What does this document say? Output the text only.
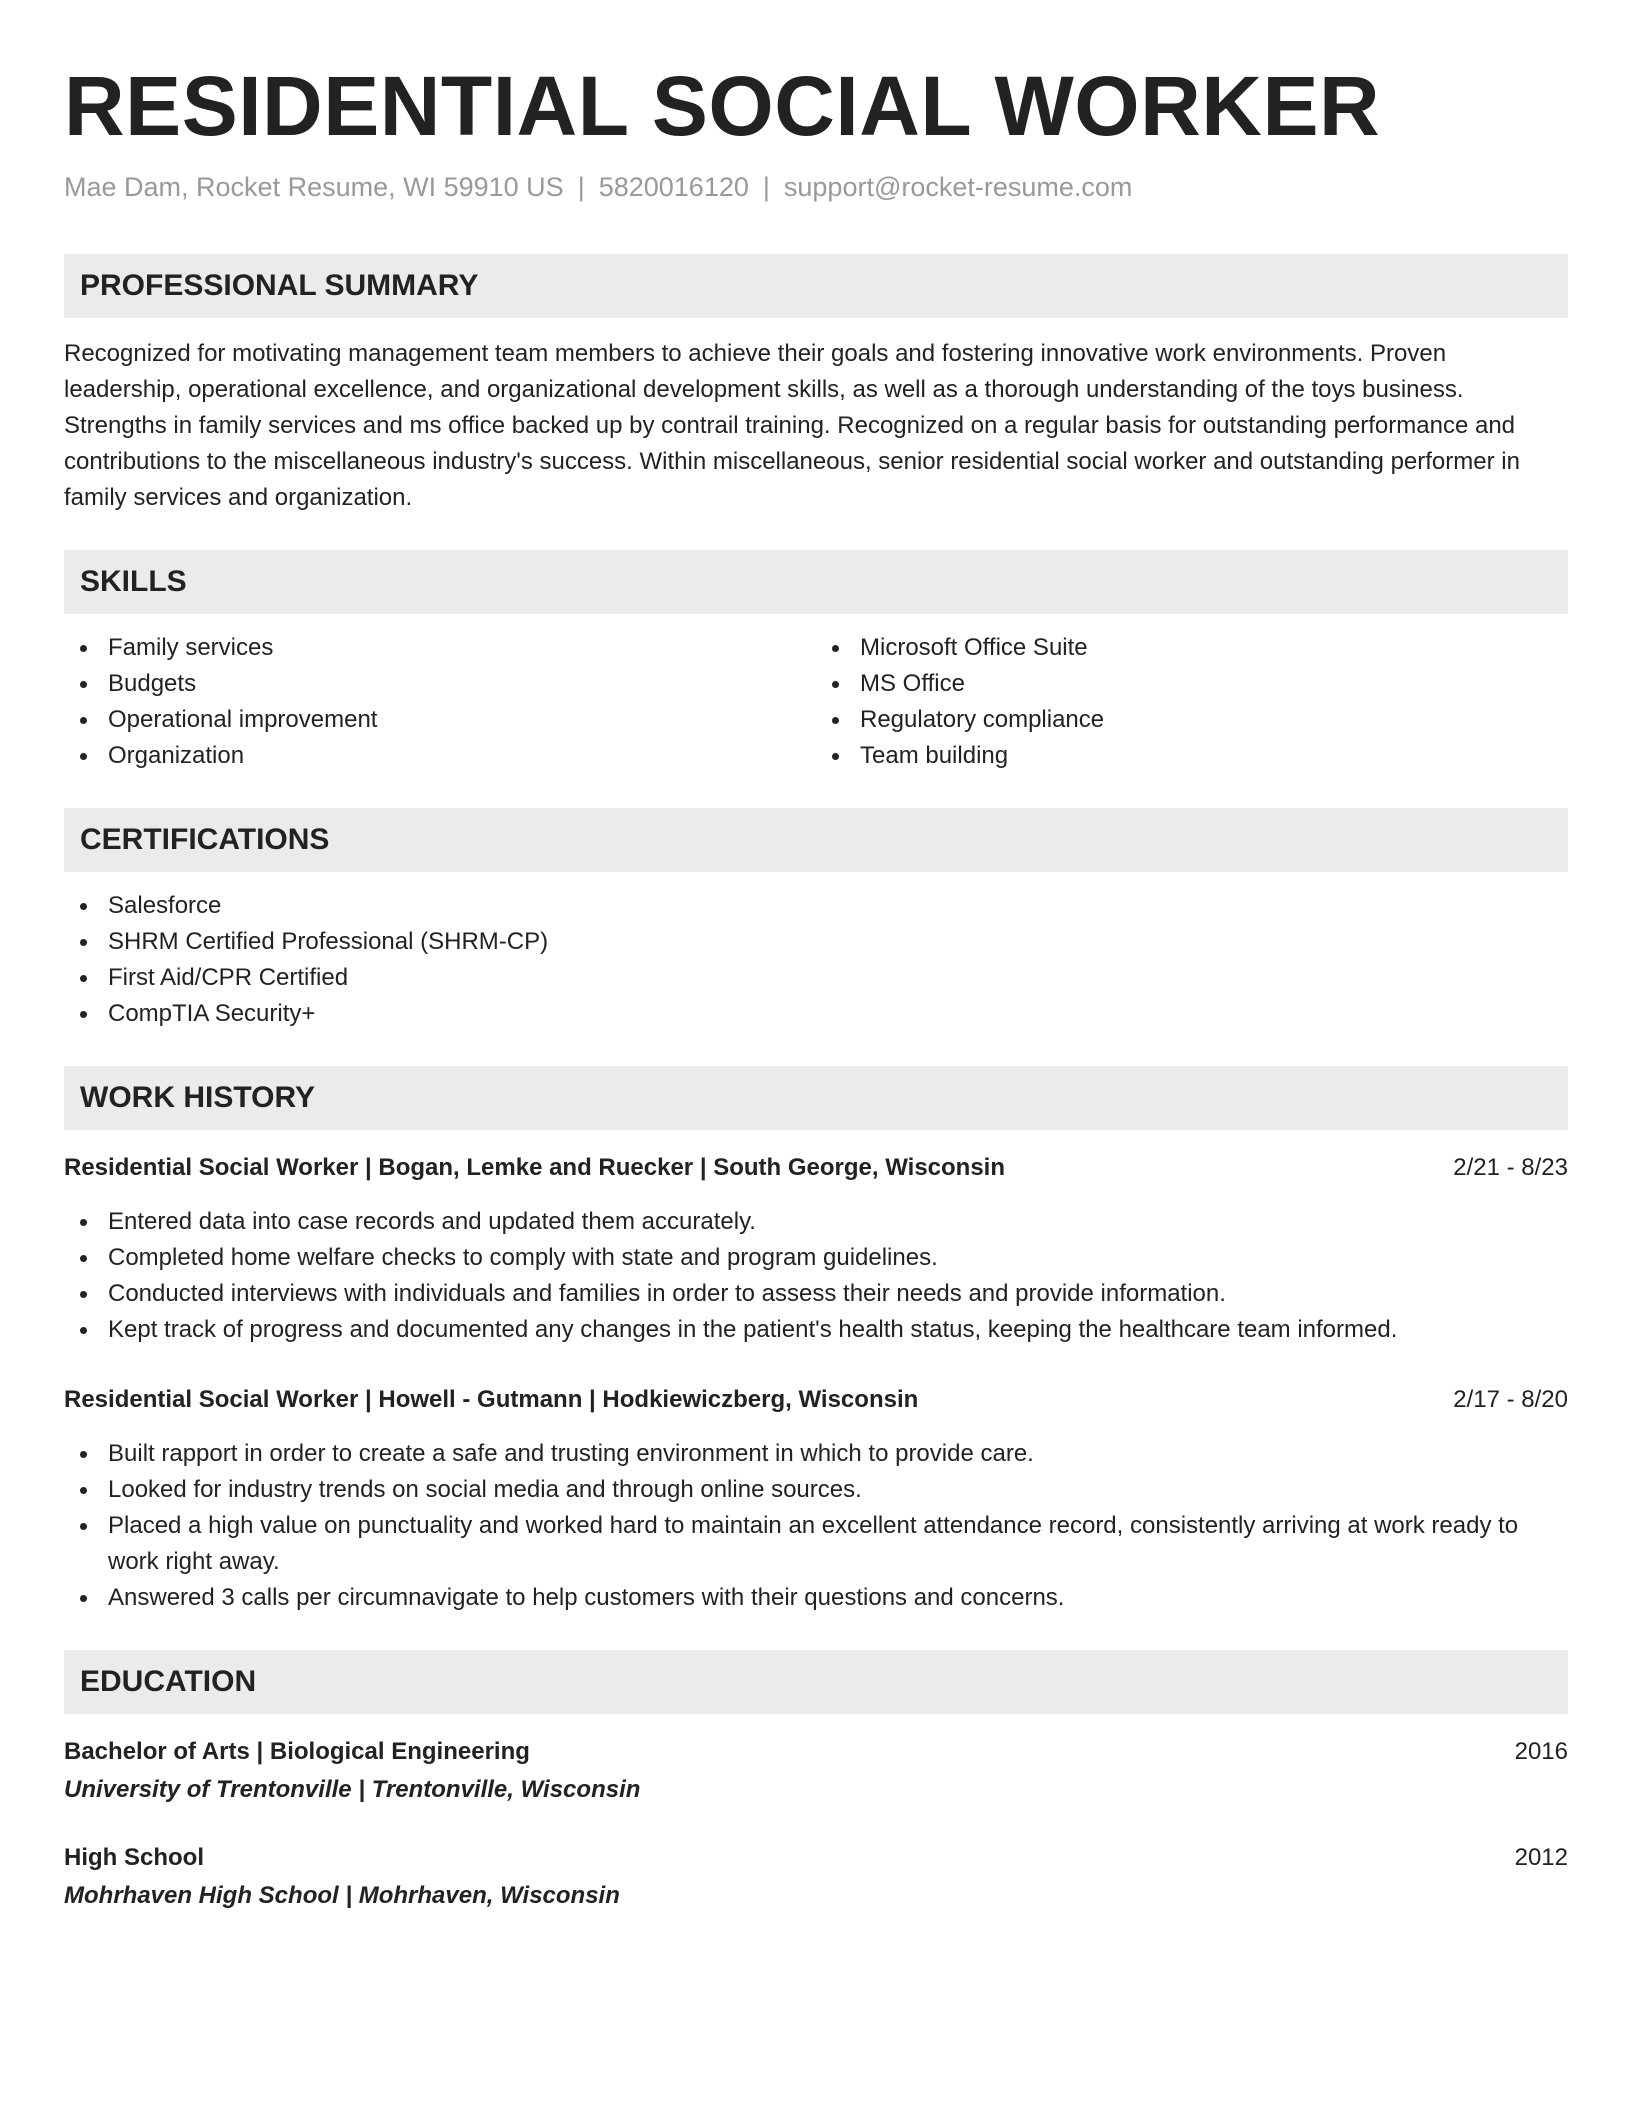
RESIDENTIAL SOCIAL WORKER
Mae Dam, Rocket Resume, WI 59910 US | 5820016120 | support@rocket-resume.com
PROFESSIONAL SUMMARY

Recognized for motivating management team members to achieve their goals and fostering innovative work environments. Proven leadership, operational excellence, and organizational development skills, as well as a thorough understanding of the toys business. Strengths in family services and ms office backed up by contrail training. Recognized on a regular basis for outstanding performance and contributions to the miscellaneous industry's success. Within miscellaneous, senior residential social worker and outstanding performer in family services and organization.

SKILLS
Family services
Budgets
Operational improvement
Organization
Microsoft Office Suite
MS Office
Regulatory compliance
Team building
CERTIFICATIONS
Salesforce
SHRM Certified Professional (SHRM-CP)
First Aid/CPR Certified
CompTIA Security+
WORK HISTORY
Residential Social Worker | Bogan, Lemke and Ruecker | South George, Wisconsin	2/21 - 8/23
Entered data into case records and updated them accurately.
Completed home welfare checks to comply with state and program guidelines.
Conducted interviews with individuals and families in order to assess their needs and provide information.
Kept track of progress and documented any changes in the patient's health status, keeping the healthcare team informed.
Residential Social Worker | Howell - Gutmann | Hodkiewiczberg, Wisconsin	2/17 - 8/20
Built rapport in order to create a safe and trusting environment in which to provide care.
Looked for industry trends on social media and through online sources.
Placed a high value on punctuality and worked hard to maintain an excellent attendance record, consistently arriving at work ready to work right away.
Answered 3 calls per circumnavigate to help customers with their questions and concerns.
EDUCATION
Bachelor of Arts | Biological Engineering	2016
University of Trentonville | Trentonville, Wisconsin
High School	2012
Mohrhaven High School | Mohrhaven, Wisconsin
